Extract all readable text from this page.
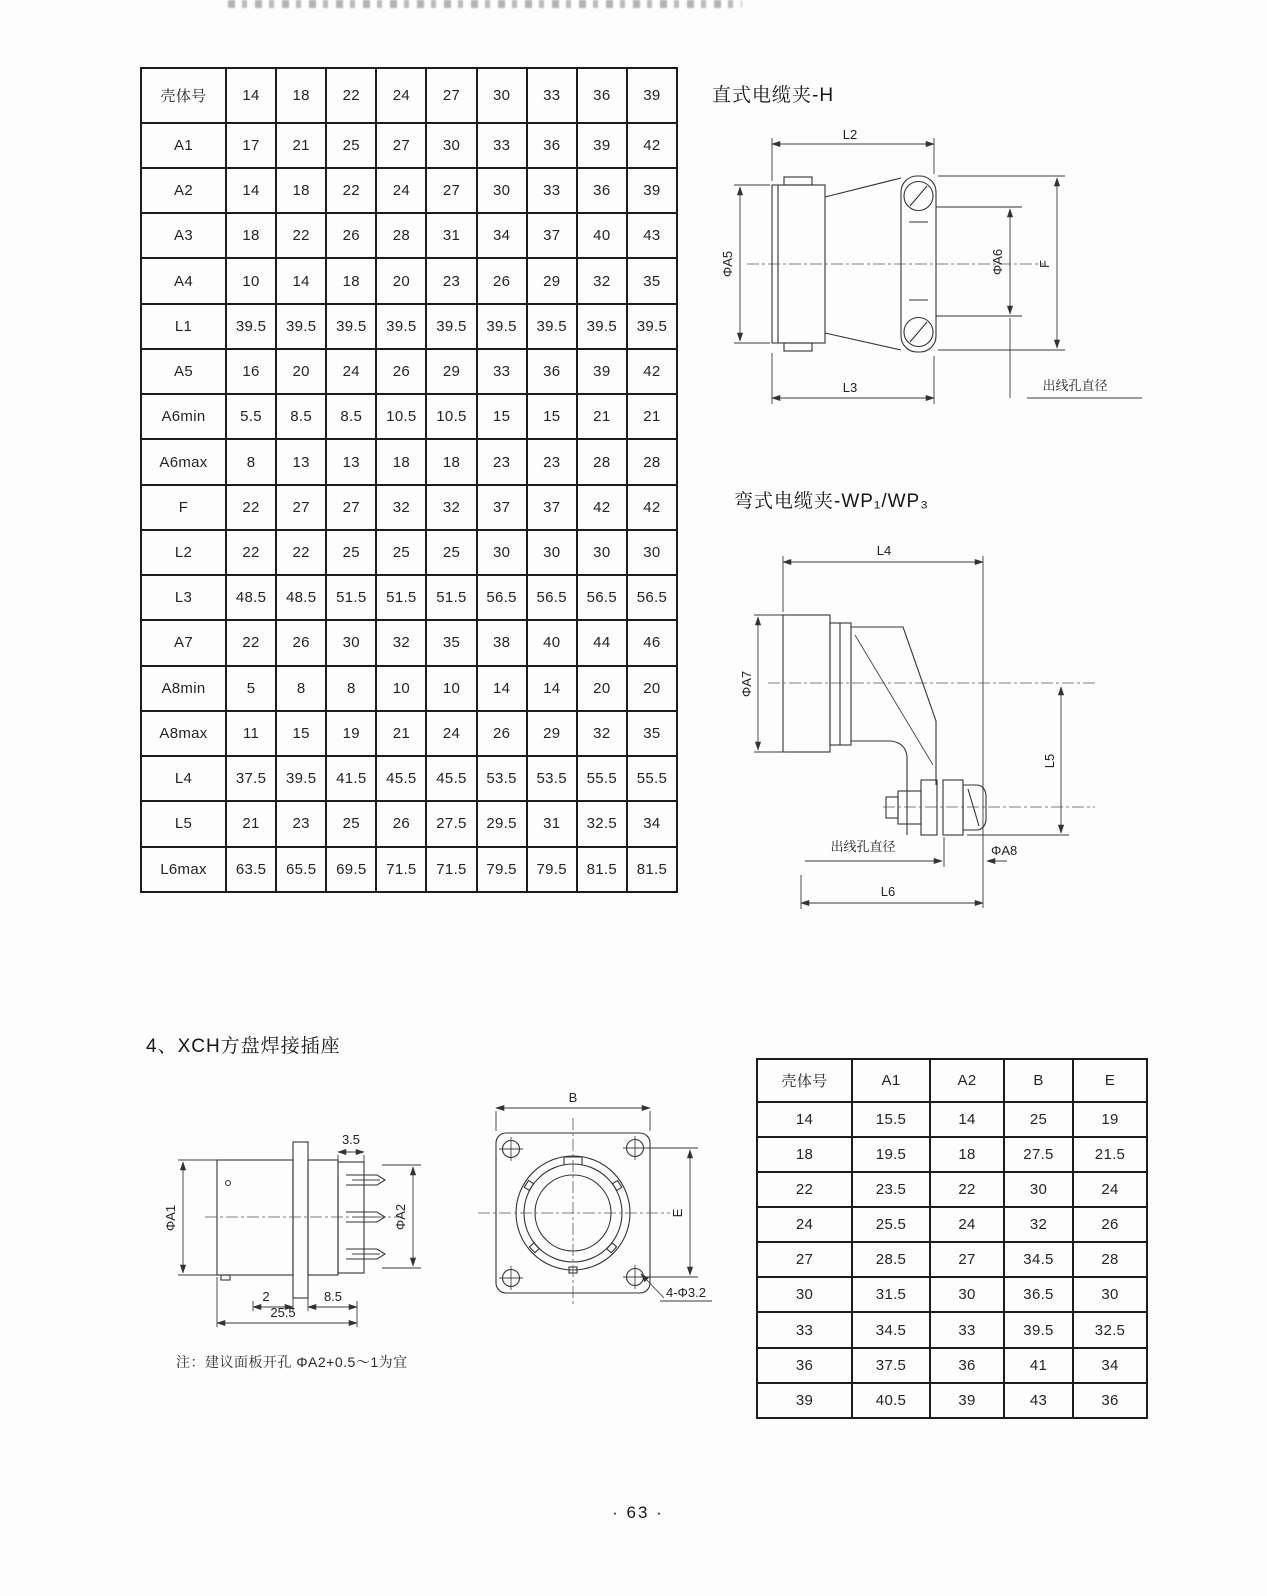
壳体号	14	18	22	24	27	30	33	36	39
A1	17	21	25	27	30	33	36	39	42
A2	14	18	22	24	27	30	33	36	39
A3	18	22	26	28	31	34	37	40	43
A4	10	14	18	20	23	26	29	32	35
L1	39.5	39.5	39.5	39.5	39.5	39.5	39.5	39.5	39.5
A5	16	20	24	26	29	33	36	39	42
A6min	5.5	8.5	8.5	10.5	10.5	15	15	21	21
A6max	8	13	13	18	18	23	23	28	28
F	22	27	27	32	32	37	37	42	42
L2	22	22	25	25	25	30	30	30	30
L3	48.5	48.5	51.5	51.5	51.5	56.5	56.5	56.5	56.5
A7	22	26	30	32	35	38	40	44	46
A8min	5	8	8	10	10	14	14	20	20
A8max	11	15	19	21	24	26	29	32	35
L4	37.5	39.5	41.5	45.5	45.5	53.5	53.5	55.5	55.5
L5	21	23	25	26	27.5	29.5	31	32.5	34
L6max	63.5	65.5	69.5	71.5	71.5	79.5	79.5	81.5	81.5
直式电缆夹-H
L2
ΦA5	ΦA6 F
L3	出线孔直径
弯式电缆夹-WP₁/WP₃
L4
ΦA7
L5
出线孔直径	ΦA8
L6
4、XCH方盘焊接插座
ΦA1
3.5
ΦA2
2	8.5
25.5
注：建议面板开孔 ΦA2+0.5～1为宜
B
E
4-Φ3.2
壳体号	A1	A2	B	E
14	15.5	14	25	19
18	19.5	18	27.5	21.5
22	23.5	22	30	24
24	25.5	24	32	26
27	28.5	27	34.5	28
30	31.5	30	36.5	30
33	34.5	33	39.5	32.5
36	37.5	36	41	34
39	40.5	39	43	36
· 63 ·
